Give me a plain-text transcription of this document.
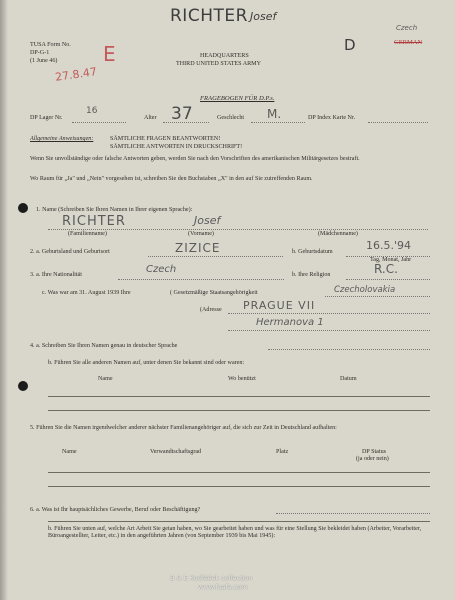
RICHTER Josef
Czech
GERMAN
TUSA Form No.
DP-G-1
(1 June 46) E
27.8.47
HEADQUARTERS
THIRD UNITED STATES ARMY
D
FRAGEBOGEN FÜR D.P.s.
DP Lager Nr.
16
Alter 37	Geschlecht M.	DP Index Karte Nr.
Allgemeine Anweisungen:	SÄMTLICHE FRAGEN BEANTWORTEN!
SÄMTLICHE ANTWORTEN IN DRUCKSCHRIFT!
Wenn Sie unvollständige oder falsche Antworten geben, werden Sie nach den Vorschriften des amerikanischen Militärgesetzes bestraft.
Wo Raum für „Ja" und „Nein" vorgesehen ist, schreiben Sie den Buchstaben „X" in den auf Sie zutreffenden Raum.
1. Name (Schreiben Sie Ihren Namen in Ihrer eigenen Sprache):
RICHTER	Josef
(Familienname)	(Vorname)	(Mädchenname)
2. a. Geburtsland und Geburtsort	ZIZICE	b. Geburtsdatum	16.5.'94
Tag, Monat, Jahr
3. a. Ihre Nationalität	Czech	b. Ihre Religion	R.C.
c. Was war am 31. August 1939 Ihre	( Gesetzmäßige Staatsangehörigkeit	Czecholovakia
(Adresse PRAGUE VII
Hermanova 1
4. a. Schreiben Sie Ihren Namen genau in deutscher Sprache
b. Führen Sie alle anderen Namen auf, unter denen Sie bekannt sind oder waren:
Name	Wo benützt	Datum
5. Führen Sie die Namen irgendwelcher anderer nächster Familienangehöriger auf, die sich zur Zeit in Deutschland aufhalten:
Name	Verwandtschaftsgrad	Platz	DP Status
(ja oder nein)
6. a. Was ist Ihr hauptsächliches Gewerbe, Beruf oder Beschäftigung?
b. Führen Sie unten auf, welche Art Arbeit Sie getan haben, wo Sie gearbeitet haben und was für eine Stellung Sie bekleidet haben (Arbeiter, Vorarbeiter, Büroangestellter, Leiter, etc.) in den angeführten Jahren (von September 1939 bis Mai 1945):
B & E Kudláček collection
www.fcafa.com
